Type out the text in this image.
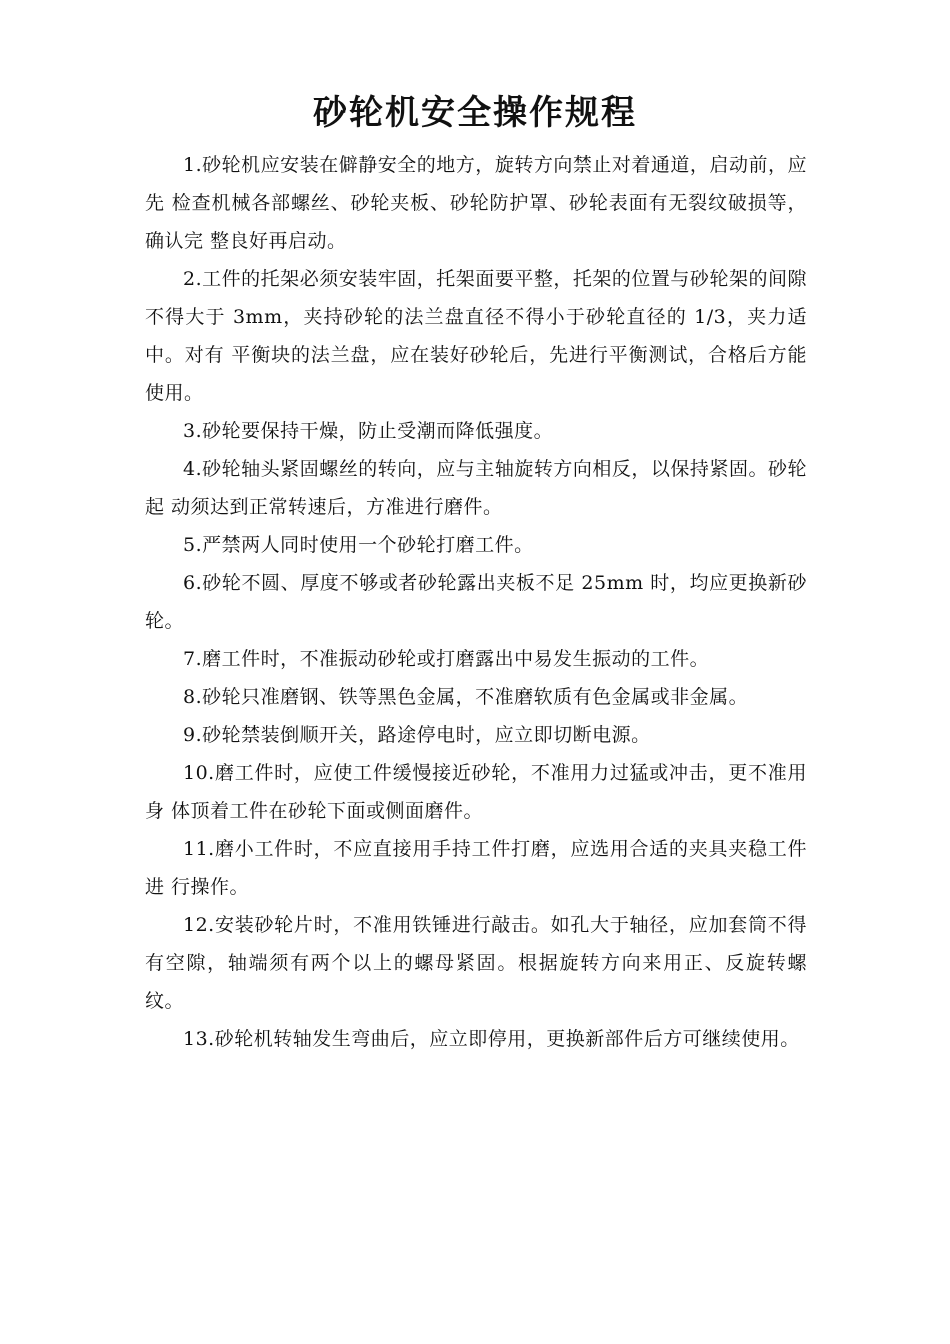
砂轮机安全操作规程

1.砂轮机应安装在僻静安全的地方，旋转方向禁止对着通道，启动前，应先 检查机械各部螺丝、砂轮夹板、砂轮防护罩、砂轮表面有无裂纹破损等，确认完 整良好再启动。

2.工件的托架必须安装牢固，托架面要平整，托架的位置与砂轮架的间隙不得大于 3mm，夹持砂轮的法兰盘直径不得小于砂轮直径的 1/3，夹力适中。对有 平衡块的法兰盘，应在装好砂轮后，先进行平衡测试，合格后方能使用。

3.砂轮要保持干燥，防止受潮而降低强度。

4.砂轮轴头紧固螺丝的转向，应与主轴旋转方向相反，以保持紧固。砂轮起 动须达到正常转速后，方准进行磨件。

5.严禁两人同时使用一个砂轮打磨工件。

6.砂轮不圆、厚度不够或者砂轮露出夹板不足 25mm 时，均应更换新砂轮。

7.磨工件时，不准振动砂轮或打磨露出中易发生振动的工件。

8.砂轮只准磨钢、铁等黑色金属，不准磨软质有色金属或非金属。

9.砂轮禁装倒顺开关，路途停电时，应立即切断电源。

10.磨工件时，应使工件缓慢接近砂轮，不准用力过猛或冲击，更不准用身 体顶着工件在砂轮下面或侧面磨件。

11.磨小工件时，不应直接用手持工件打磨，应选用合适的夹具夹稳工件进 行操作。

12.安装砂轮片时，不准用铁锤进行敲击。如孔大于轴径，应加套筒不得有空隙，轴端须有两个以上的螺母紧固。根据旋转方向来用正、反旋转螺纹。

13.砂轮机转轴发生弯曲后，应立即停用，更换新部件后方可继续使用。
